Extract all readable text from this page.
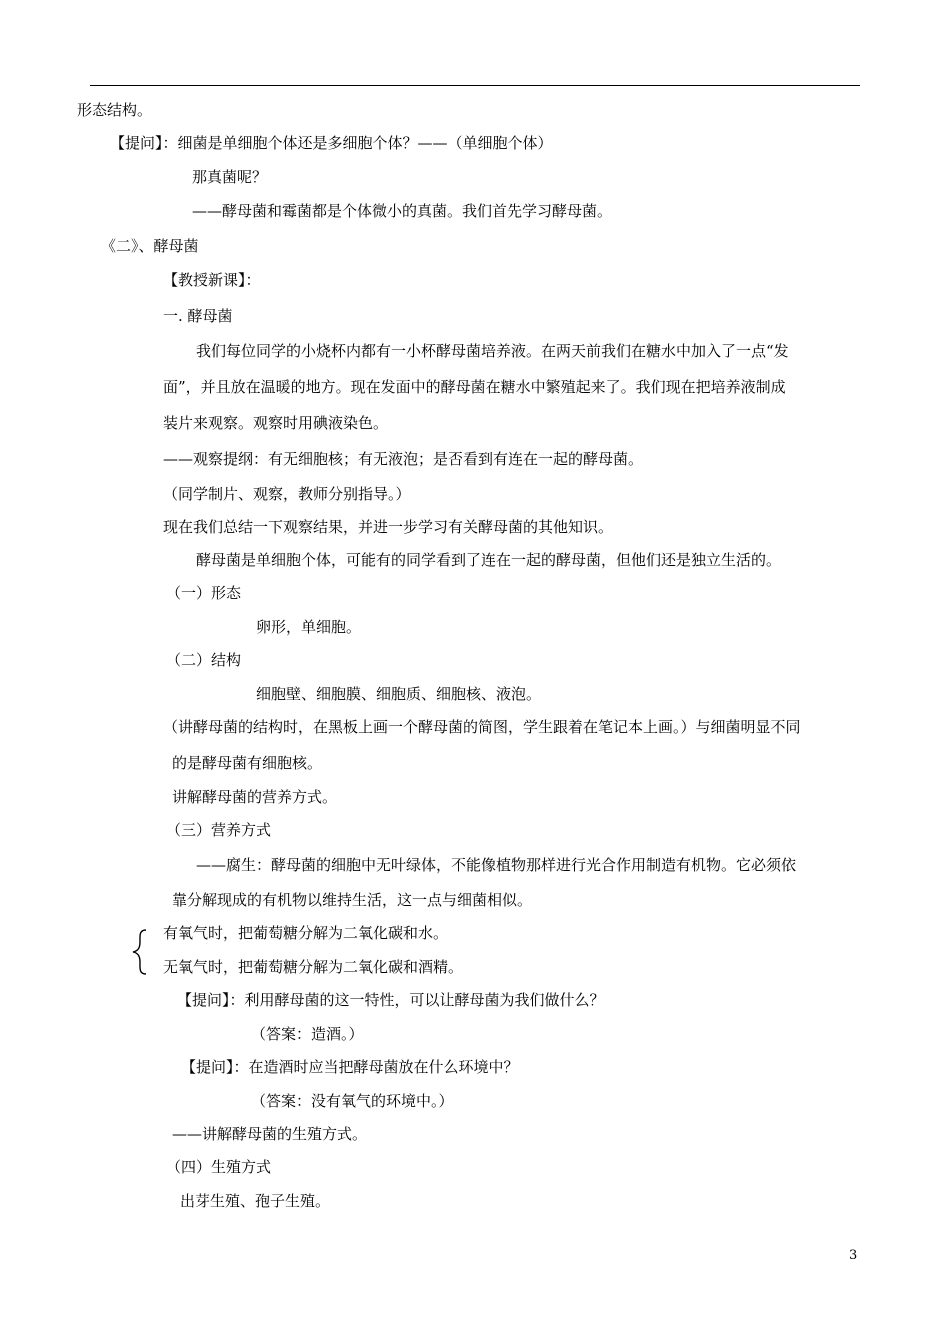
形态结构。
【提问】：细菌是单细胞个体还是多细胞个体？——（单细胞个体）
那真菌呢？
——酵母菌和霉菌都是个体微小的真菌。我们首先学习酵母菌。
《二》、酵母菌
【教授新课】：
一. 酵母菌
我们每位同学的小烧杯内都有一小杯酵母菌培养液。在两天前我们在糖水中加入了一点“发
面”，并且放在温暖的地方。现在发面中的酵母菌在糖水中繁殖起来了。我们现在把培养液制成
装片来观察。观察时用碘液染色。
——观察提纲：有无细胞核；有无液泡；是否看到有连在一起的酵母菌。
（同学制片、观察，教师分别指导。）
现在我们总结一下观察结果，并进一步学习有关酵母菌的其他知识。
酵母菌是单细胞个体，可能有的同学看到了连在一起的酵母菌，但他们还是独立生活的。
（一）形态
卵形，单细胞。
（二）结构
细胞壁、细胞膜、细胞质、细胞核、液泡。
（讲酵母菌的结构时，在黑板上画一个酵母菌的简图，学生跟着在笔记本上画。）与细菌明显不同
的是酵母菌有细胞核。
讲解酵母菌的营养方式。
（三）营养方式
——腐生：酵母菌的细胞中无叶绿体，不能像植物那样进行光合作用制造有机物。它必须依
靠分解现成的有机物以维持生活，这一点与细菌相似。
有氧气时，把葡萄糖分解为二氧化碳和水。
无氧气时，把葡萄糖分解为二氧化碳和酒精。
【提问】：利用酵母菌的这一特性，可以让酵母菌为我们做什么？
（答案：造酒。）
【提问】：在造酒时应当把酵母菌放在什么环境中？
（答案：没有氧气的环境中。）
——讲解酵母菌的生殖方式。
（四）生殖方式
出芽生殖、孢子生殖。
3
